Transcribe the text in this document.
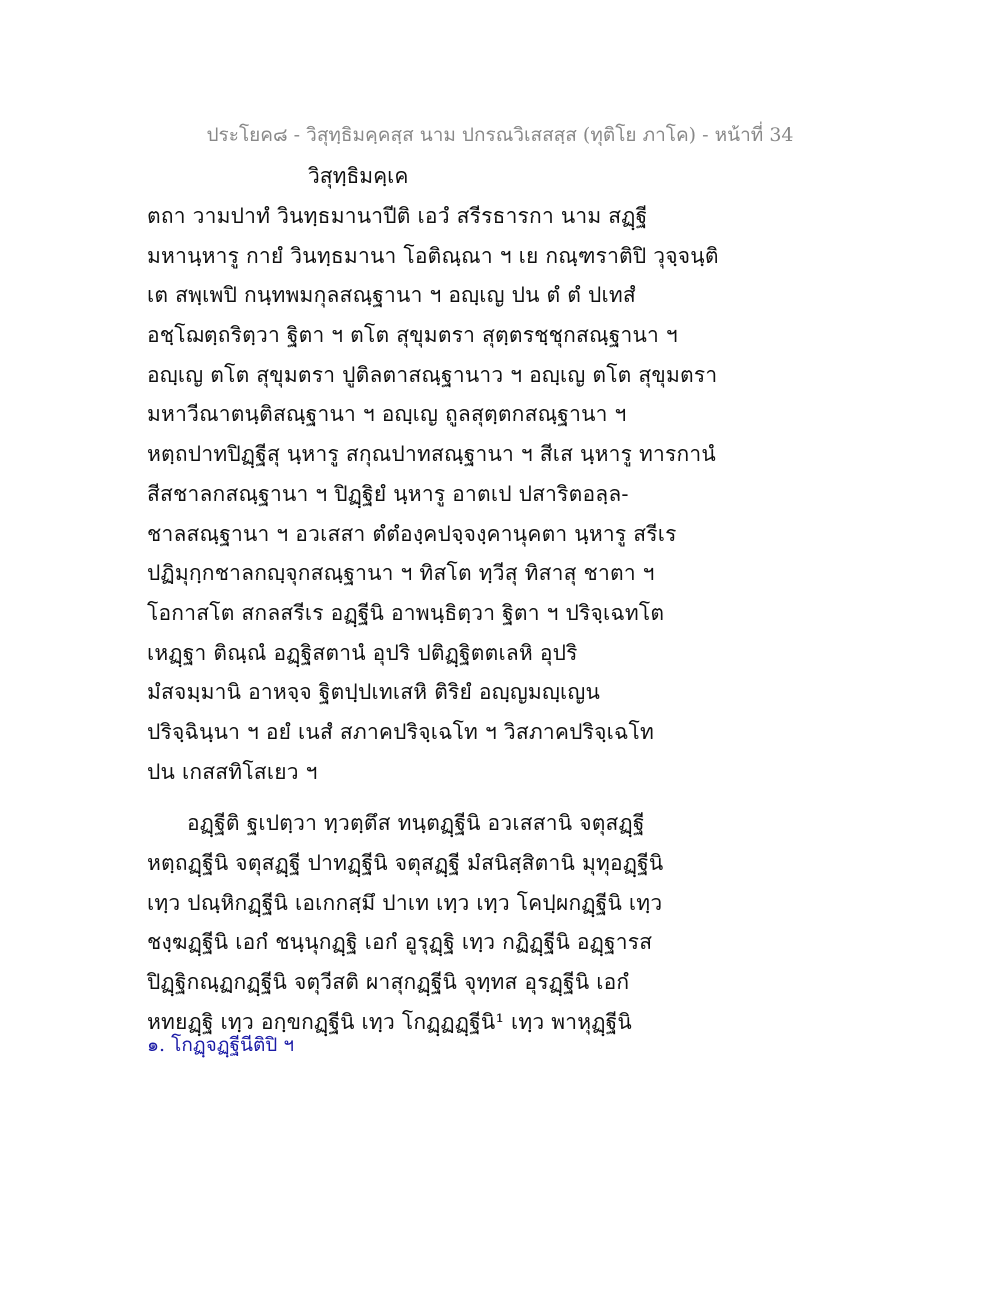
ประโยค๘ - วิสุทฺธิมคฺคสฺส นาม ปกรณวิเสสสฺส (ทุติโย ภาโค) - หน้าที่ 34
วิสุทฺธิมคฺเค
ตถา วามปาทํ วินทฺธมานาปีติ เอวํ สรีรธารกา นาม สฏฺฐี
มหานฺหารู กายํ วินทฺธมานา โอติณฺณา ฯ เย กณฺฑราติปิ วุจฺจนฺติ
เต สพฺเพปิ กนฺทพมกุลสณฺฐานา ฯ อญฺเญ ปน ตํ ตํ ปเทสํ
อชฺโฌตฺถริตฺวา ฐิตา ฯ ตโต สุขุมตรา สุตฺตรชฺชุกสณฺฐานา ฯ
อญฺเญ ตโต สุขุมตรา ปูติลตาสณฺฐานาว ฯ อญฺเญ ตโต สุขุมตรา
มหาวีณาตนฺติสณฺฐานา ฯ อญฺเญ ถูลสุตฺตกสณฺฐานา ฯ
หตฺถปาทปิฏฺฐีสุ นฺหารู สกุณปาทสณฺฐานา ฯ สีเส นฺหารู ทารกานํ
สีสชาลกสณฺฐานา ฯ ปิฏฺฐิยํ นฺหารู อาตเป ปสาริตอลฺล-
ชาลสณฺฐานา ฯ อวเสสา ตํตํองฺคปจฺจงฺคานุคตา นฺหารู สรีเร
ปฏิมุกฺกชาลกญฺจุกสณฺฐานา ฯ ทิสโต ทฺวีสุ ทิสาสุ ชาตา ฯ
โอกาสโต สกลสรีเร อฏฺฐีนิ อาพนฺธิตฺวา ฐิตา ฯ ปริจฺเฉทโต
เหฏฺฐา ติณฺณํ อฏฺฐิสตานํ อุปริ ปติฏฺฐิตตเลหิ อุปริ
มํสจมฺมานิ อาหจฺจ ฐิตปฺปเทเสหิ ติริยํ อญฺญมญฺเญน
ปริจฺฉินฺนา ฯ อยํ เนสํ สภาคปริจฺเฉโท ฯ วิสภาคปริจฺเฉโท
ปน เกสสทิโสเยว ฯ
อฏฺฐีติ ฐเปตฺวา ทฺวตฺตึส ทนฺตฏฺฐีนิ อวเสสานิ จตุสฏฺฐี
หตฺถฏฺฐีนิ จตุสฏฺฐี ปาทฏฺฐีนิ จตุสฏฺฐี มํสนิสฺสิตานิ มุทุอฏฺฐีนิ
เทฺว ปณฺหิกฏฺฐีนิ เอเกกสฺมึ ปาเท เทฺว เทฺว โคปฺผกฏฺฐีนิ เทฺว
ชงฺฆฏฺฐีนิ เอกํ ชนฺนุกฏฺฐิ เอกํ อูรุฏฺฐิ เทฺว กฏิฏฺฐีนิ อฏฺฐารส
ปิฏฺฐิกณฺฏกฏฺฐีนิ จตุวีสติ ผาสุกฏฺฐีนิ จุทฺทส อุรฏฺฐีนิ เอกํ
หทยฏฺฐิ เทฺว อกฺขกฏฺฐีนิ เทฺว โกฏฺฏฏฺฐีนิ¹ เทฺว พาหุฏฺฐีนิ
๑. โกฏฺจฏฺฐีนีติปิ ฯ
